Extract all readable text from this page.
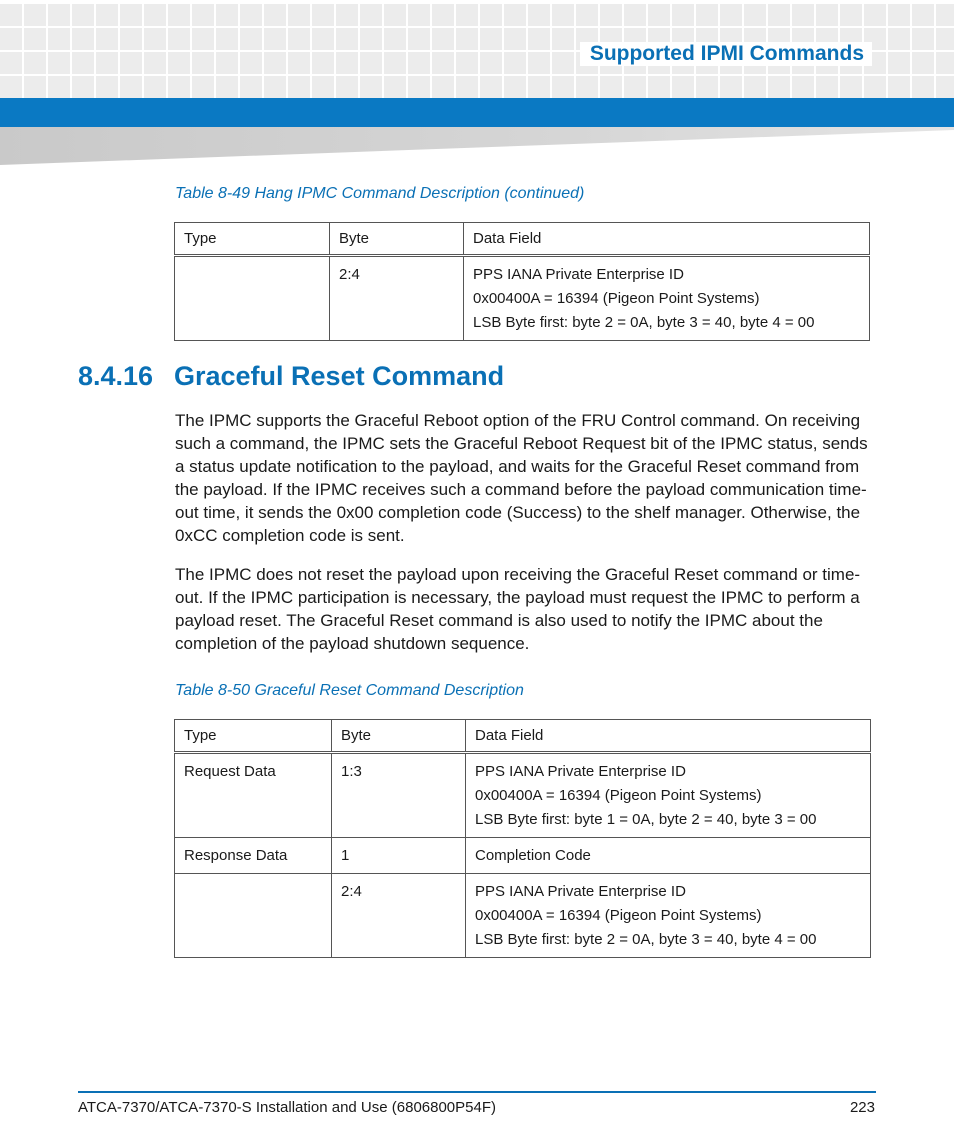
Supported IPMI Commands
Table 8-49 Hang IPMC Command Description (continued)
Type	Byte	Data Field
	2:4	PPS IANA Private Enterprise ID
0x00400A = 16394 (Pigeon Point Systems)
LSB Byte first: byte 2 = 0A, byte 3 = 40, byte 4 = 00
8.4.16 Graceful Reset Command

The IPMC supports the Graceful Reboot option of the FRU Control command. On receiving such a command, the IPMC sets the Graceful Reboot Request bit of the IPMC status, sends a status update notification to the payload, and waits for the Graceful Reset command from the payload. If the IPMC receives such a command before the payload communication time-out time, it sends the 0x00 completion code (Success) to the shelf manager. Otherwise, the 0xCC completion code is sent.

The IPMC does not reset the payload upon receiving the Graceful Reset command or time-out. If the IPMC participation is necessary, the payload must request the IPMC to perform a payload reset. The Graceful Reset command is also used to notify the IPMC about the completion of the payload shutdown sequence.

Table 8-50 Graceful Reset Command Description
Type	Byte	Data Field
Request Data	1:3	PPS IANA Private Enterprise ID
0x00400A = 16394 (Pigeon Point Systems)
LSB Byte first: byte 1 = 0A, byte 2 = 40, byte 3 = 00

Response Data	1	Completion Code

	2:4	PPS IANA Private Enterprise ID
0x00400A = 16394 (Pigeon Point Systems)
LSB Byte first: byte 2 = 0A, byte 3 = 40, byte 4 = 00
ATCA-7370/ATCA-7370-S Installation and Use (6806800P54F)	223
